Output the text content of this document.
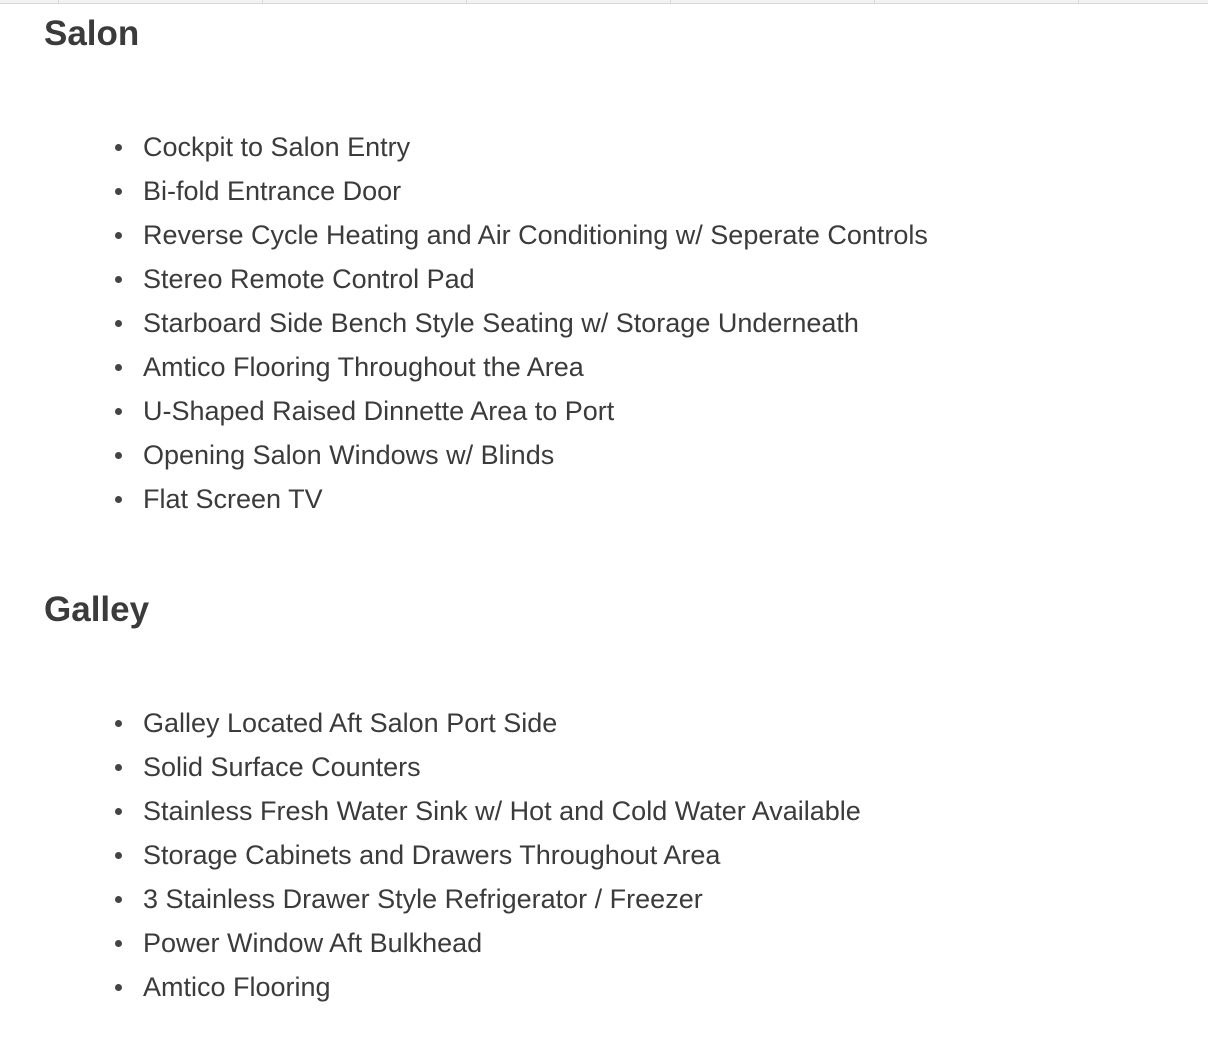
Salon
Cockpit to Salon Entry
Bi-fold Entrance Door
Reverse Cycle Heating and Air Conditioning w/ Seperate Controls
Stereo Remote Control Pad
Starboard Side Bench Style Seating w/ Storage Underneath
Amtico Flooring Throughout the Area
U-Shaped Raised Dinnette Area to Port
Opening Salon Windows w/ Blinds
Flat Screen TV
Galley
Galley Located Aft Salon Port Side
Solid Surface Counters
Stainless Fresh Water Sink w/ Hot and Cold Water Available
Storage Cabinets and Drawers Throughout Area
3 Stainless Drawer Style Refrigerator / Freezer
Power Window Aft Bulkhead
Amtico Flooring
